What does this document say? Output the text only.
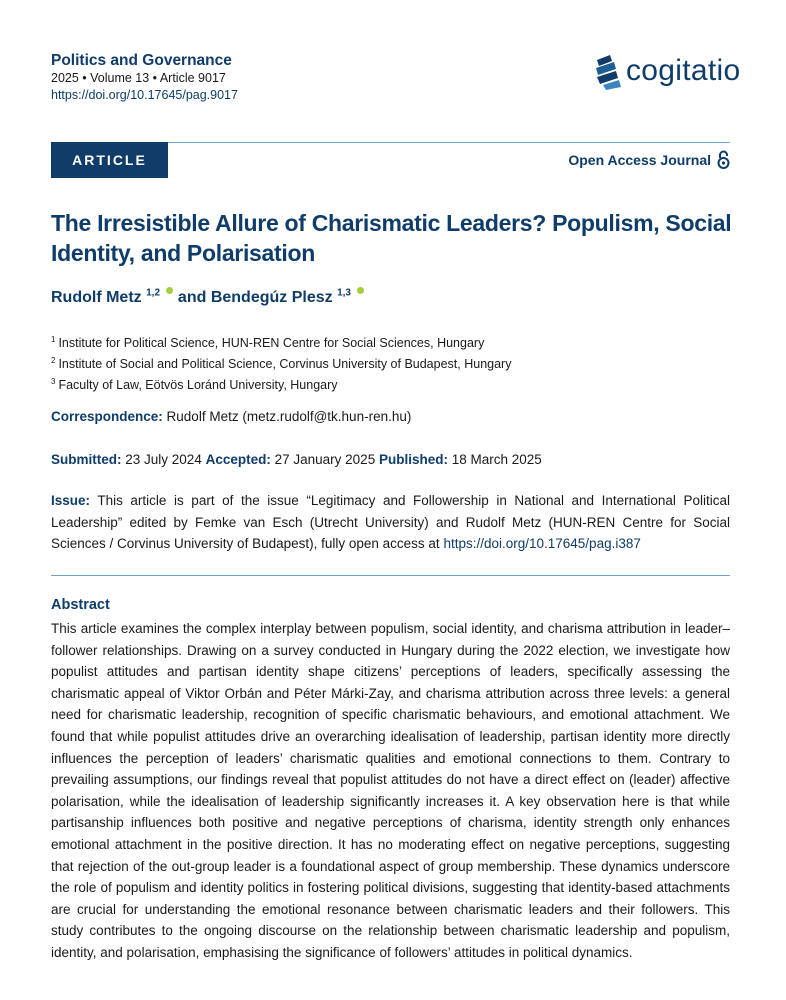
Politics and Governance
2025 • Volume 13 • Article 9017
https://doi.org/10.17645/pag.9017
cogitatio
ARTICLE	Open Access Journal
The Irresistible Allure of Charismatic Leaders? Populism, Social Identity, and Polarisation
Rudolf Metz $^{1,2}$ and Bendegúz Plesz $^{1,3}$
$^1$ Institute for Political Science, HUN-REN Centre for Social Sciences, Hungary
$^2$ Institute of Social and Political Science, Corvinus University of Budapest, Hungary
$^3$ Faculty of Law, Eötvös Loránd University, Hungary
Correspondence: Rudolf Metz (metz.rudolf@tk.hun-ren.hu)
Submitted: 23 July 2024 Accepted: 27 January 2025 Published: 18 March 2025
Issue: This article is part of the issue “Legitimacy and Followership in National and International Political Leadership” edited by Femke van Esch (Utrecht University) and Rudolf Metz (HUN-REN Centre for Social Sciences / Corvinus University of Budapest), fully open access at https://doi.org/10.17645/pag.i387
Abstract
This article examines the complex interplay between populism, social identity, and charisma attribution in leader–follower relationships. Drawing on a survey conducted in Hungary during the 2022 election, we investigate how populist attitudes and partisan identity shape citizens’ perceptions of leaders, specifically assessing the charismatic appeal of Viktor Orbán and Péter Márki-Zay, and charisma attribution across three levels: a general need for charismatic leadership, recognition of specific charismatic behaviours, and emotional attachment. We found that while populist attitudes drive an overarching idealisation of leadership, partisan identity more directly influences the perception of leaders’ charismatic qualities and emotional connections to them. Contrary to prevailing assumptions, our findings reveal that populist attitudes do not have a direct effect on (leader) affective polarisation, while the idealisation of leadership significantly increases it. A key observation here is that while partisanship influences both positive and negative perceptions of charisma, identity strength only enhances emotional attachment in the positive direction. It has no moderating effect on negative perceptions, suggesting that rejection of the out-group leader is a foundational aspect of group membership. These dynamics underscore the role of populism and identity politics in fostering political divisions, suggesting that identity-based attachments are crucial for understanding the emotional resonance between charismatic leaders and their followers. This study contributes to the ongoing discourse on the relationship between charismatic leadership and populism, identity, and polarisation, emphasising the significance of followers’ attitudes in political dynamics.
